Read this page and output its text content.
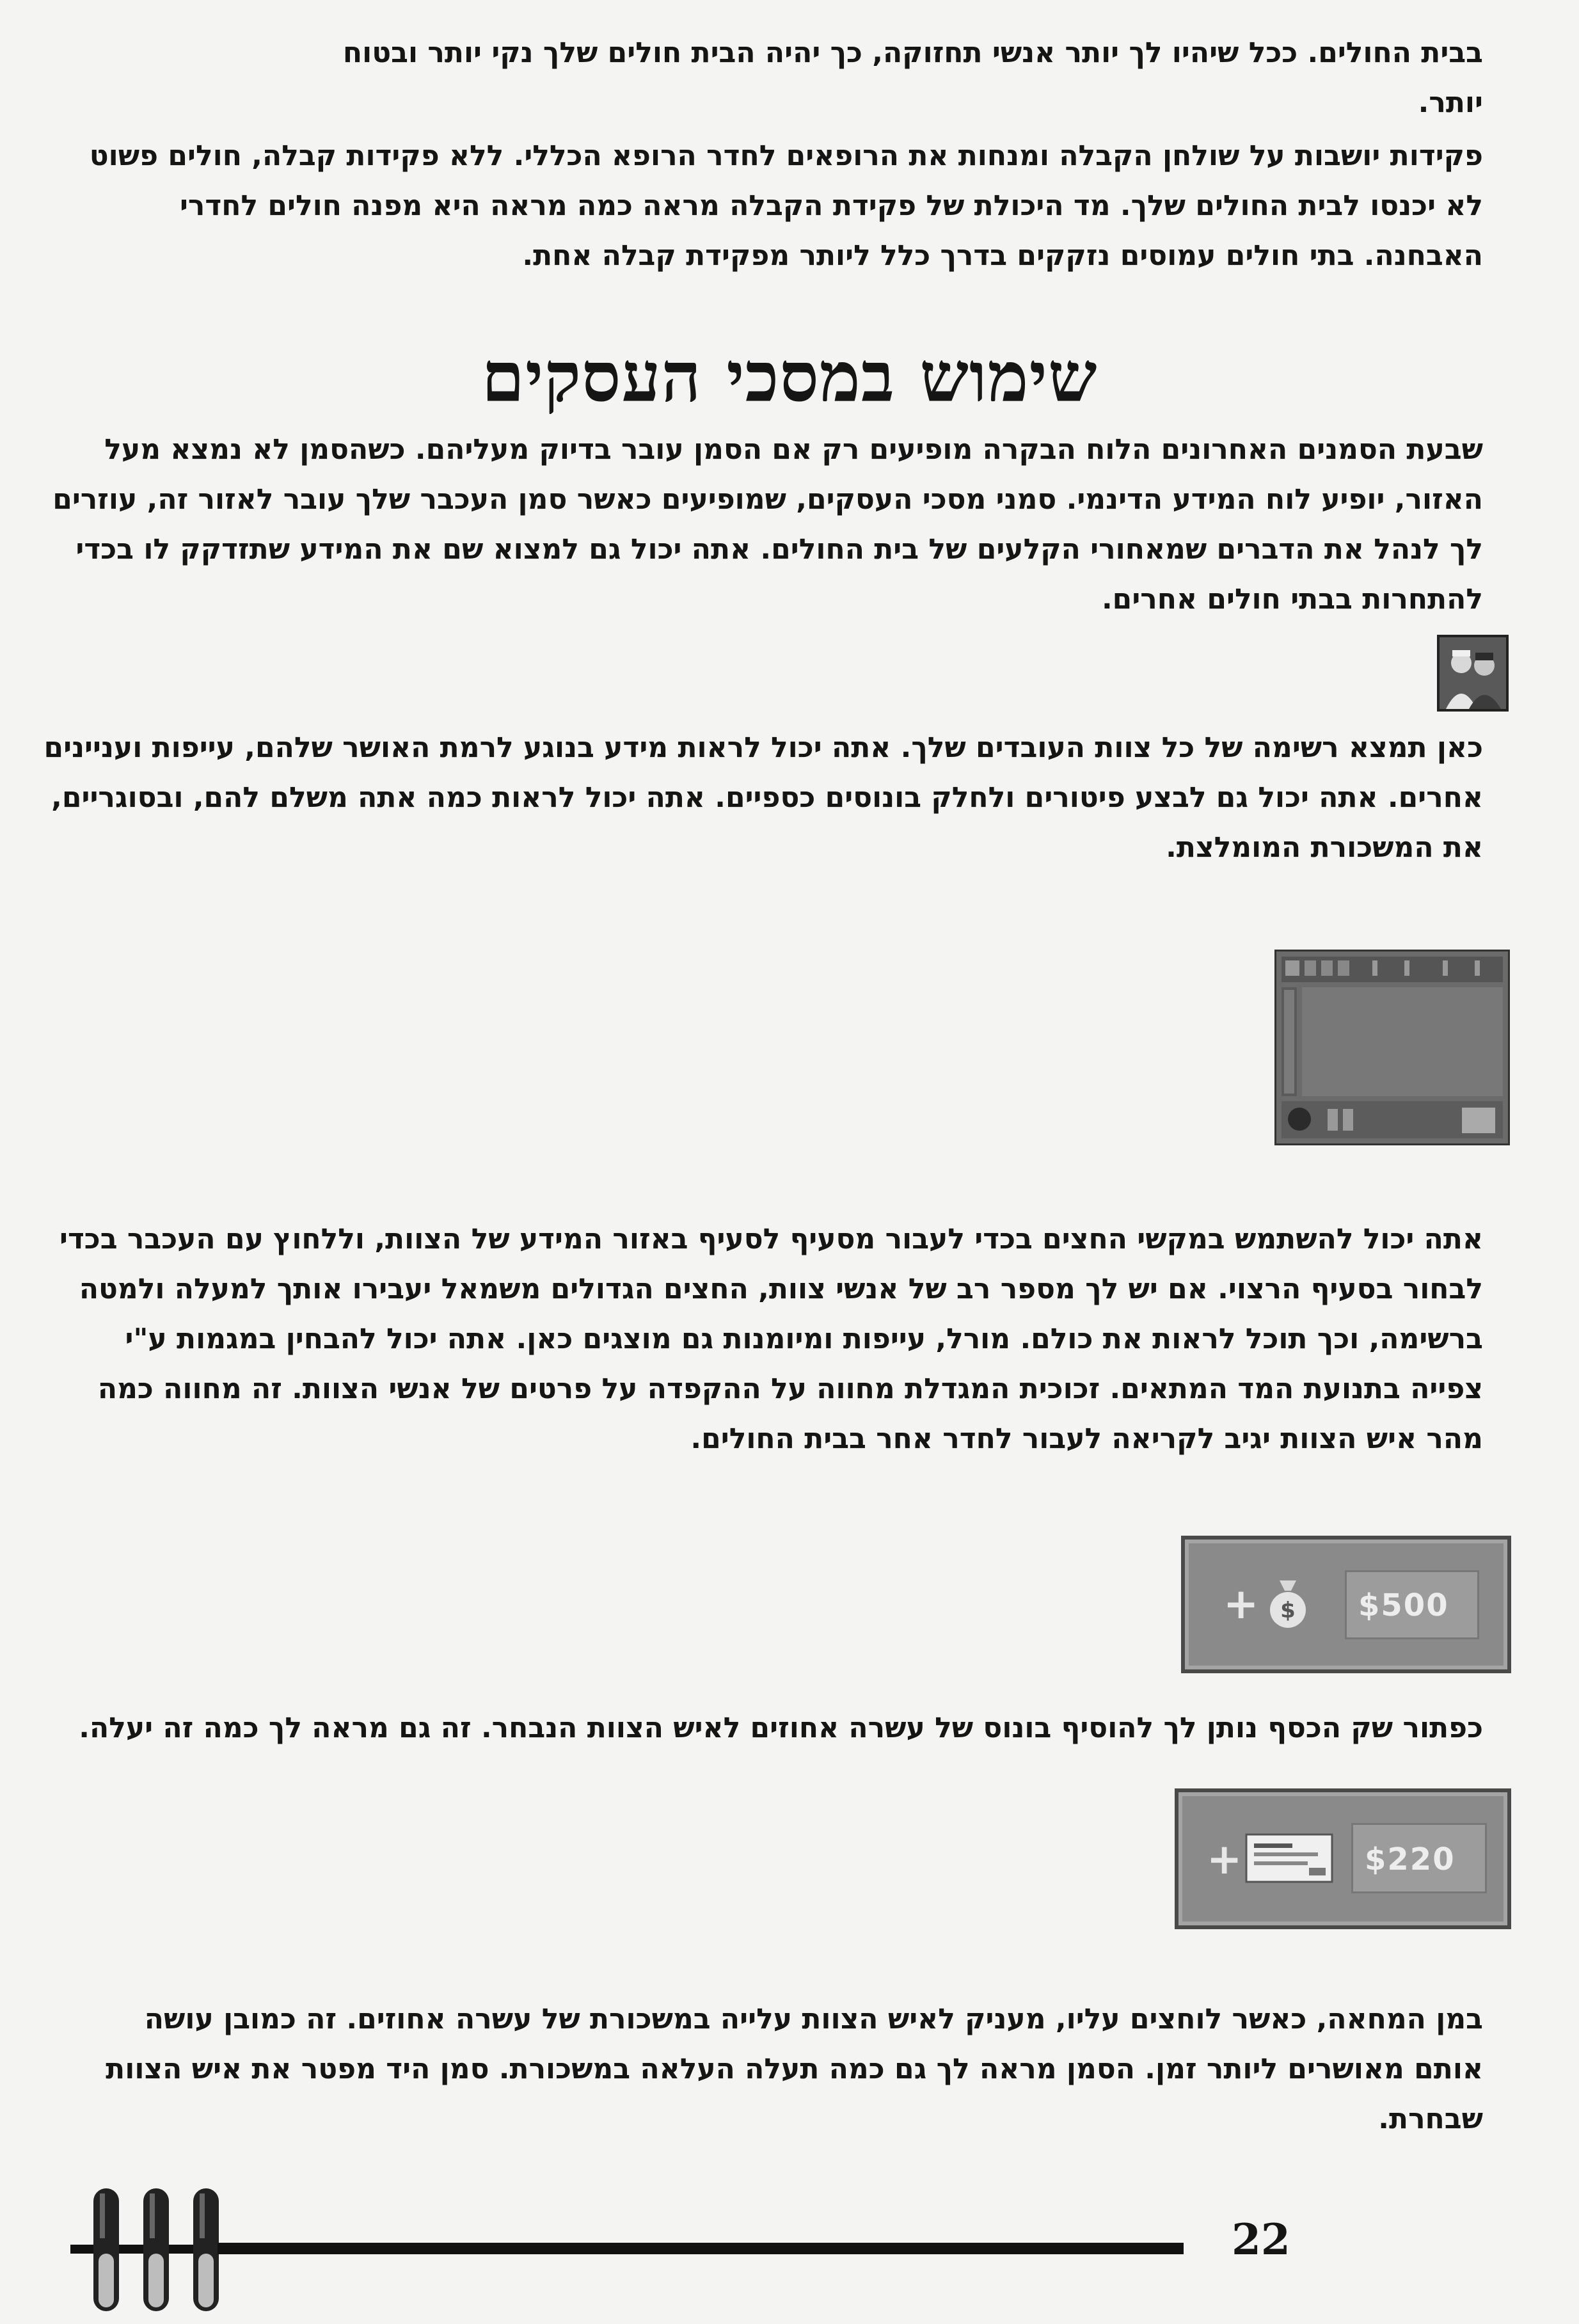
בבית החולים. ככל שיהיו לך יותר אנשי תחזוקה, כך יהיה הבית חולים שלך נקי יותר ובטוח יותר.

פקידות יושבות על שולחן הקבלה ומנחות את הרופאים לחדר הרופא הכללי. ללא פקידות קבלה, חולים פשוט לא יכנסו לבית החולים שלך. מד היכולת של פקידת הקבלה מראה כמה מראה היא מפנה חולים לחדרי האבחנה. בתי חולים עמוסים נזקקים בדרך כלל ליותר מפקידת קבלה אחת.

שימוש במסכי העסקים

שבעת הסמנים האחרונים הלוח הבקרה מופיעים רק אם הסמן עובר בדיוק מעליהם. כשהסמן לא נמצא מעל האזור, יופיע לוח המידע הדינמי. סמני מסכי העסקים, שמופיעים כאשר סמן העכבר שלך עובר לאזור זה, עוזרים לך לנהל את הדברים שמאחורי הקלעים של בית החולים. אתה יכול גם למצוא שם את המידע שתזדקק לו בכדי להתחרות בבתי חולים אחרים.

כאן תמצא רשימה של כל צוות העובדים שלך. אתה יכול לראות מידע בנוגע לרמת האושר שלהם, עייפות ועניינים אחרים. אתה יכול גם לבצע פיטורים ולחלק בונוסים כספיים. אתה יכול לראות כמה אתה משלם להם, ובסוגריים, את המשכורת המומלצת.

אתה יכול להשתמש במקשי החצים בכדי לעבור מסעיף לסעיף באזור המידע של הצוות, וללחוץ עם העכבר בכדי לבחור בסעיף הרצוי. אם יש לך מספר רב של אנשי צוות, החצים הגדולים משמאל יעבירו אותך למעלה ולמטה ברשימה, וכך תוכל לראות את כולם. מורל, עייפות ומיומנות גם מוצגים כאן. אתה יכול להבחין במגמות ע"י צפייה בתנועת המד המתאים. זכוכית המגדלת מחווה על ההקפדה על פרטים של אנשי הצוות. זה מחווה כמה מהר איש הצוות יגיב לקריאה לעבור לחדר אחר בבית החולים.

+ $ $500

כפתור שק הכסף נותן לך להוסיף בונוס של עשרה אחוזים לאיש הצוות הנבחר. זה גם מראה לך כמה זה יעלה.

+	$220

במן המחאה, כאשר לוחצים עליו, מעניק לאיש הצוות עלייה במשכורת של עשרה אחוזים. זה כמובן עושה אותם מאושרים ליותר זמן. הסמן מראה לך גם כמה תעלה העלאה במשכורת. סמן היד מפטר את איש הצוות שבחרת.

22
